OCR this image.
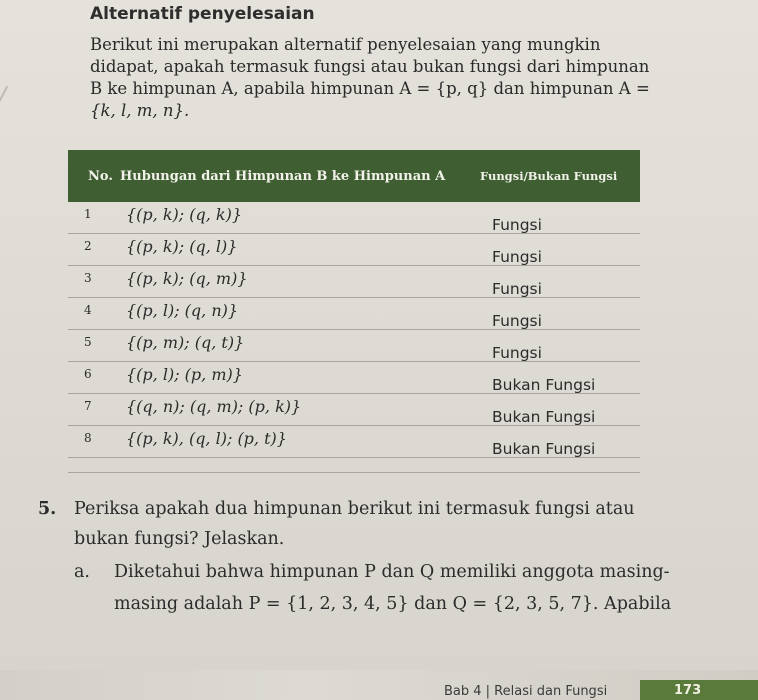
Alternatif penyelesaian
Berikut ini merupakan alternatif penyelesaian yang mungkin
didapat, apakah termasuk fungsi atau bukan fungsi dari himpunan
B ke himpunan A, apabila himpunan A = {p, q} dan himpunan A =
{k, l, m, n}.
No. Hubungan dari Himpunan B ke Himpunan A	Fungsi/Bukan Fungsi
1 {(p, k); (q, k)}
Fungsi
2 {(p, k); (q, l)}
Fungsi
3 {(p, k); (q, m)}
Fungsi
4 {(p, l); (q, n)}
Fungsi
5 {(p, m); (q, t)}
Fungsi
6 {(p, l); (p, m)}
Bukan Fungsi
7 {(q, n); (q, m); (p, k)}
Bukan Fungsi
8 {(p, k), (q, l); (p, t)}
Bukan Fungsi
5. Periksa apakah dua himpunan berikut ini termasuk fungsi atau
bukan fungsi? Jelaskan.
a. Diketahui bahwa himpunan P dan Q memiliki anggota masing-
masing adalah P = {1, 2, 3, 4, 5} dan Q = {2, 3, 5, 7}. Apabila
Bab 4 | Relasi dan Fungsi	173
